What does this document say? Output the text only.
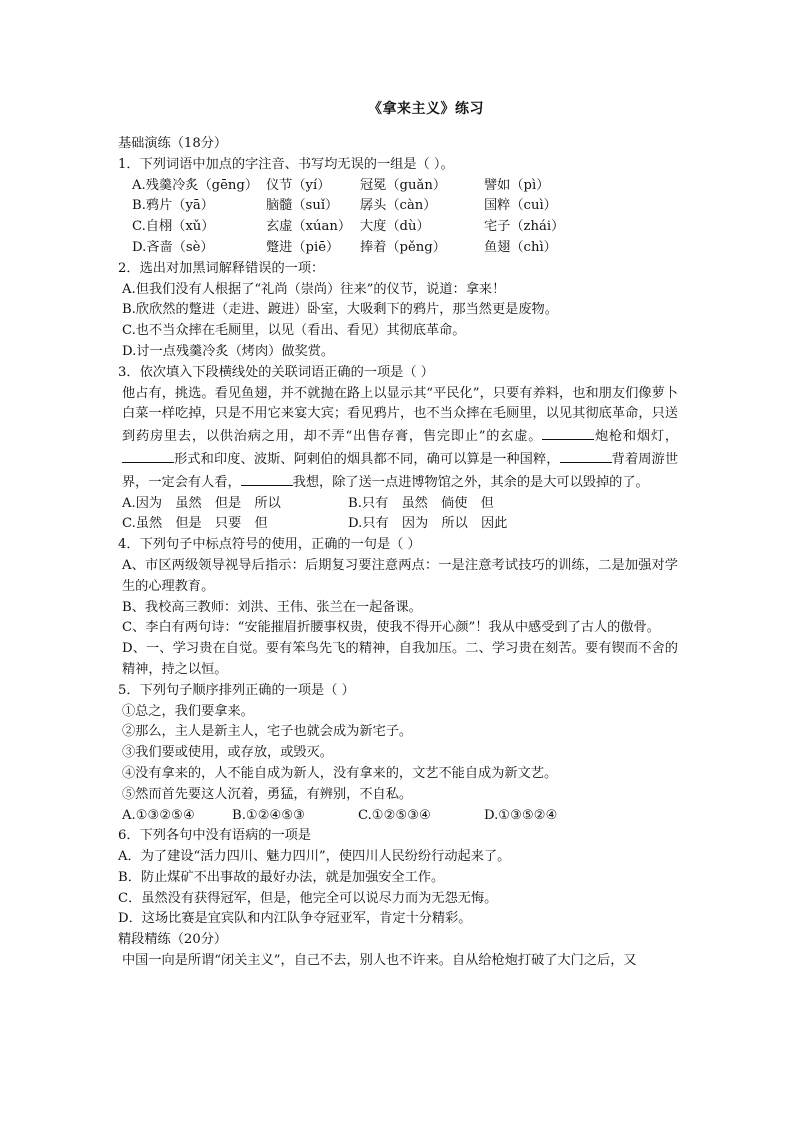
《拿来主义》练习
基础演练（18分）
1．下列词语中加点的字注音、书写均无误的一组是（ ）。
A.残羹冷炙（gēng） 仪节（yí）	冠冕（guǎn）	譬如（pì）
B.鸦片（yā）	脑髓（suǐ）	孱头（càn）	国粹（cuì）
C.自栩（xǔ）	玄虚（xúan） 大度（dù）	宅子（zhái）
D.吝啬（sè）	蹩进（piē）	捧着（pěng）	鱼翅（chì）
2．选出对加黑词解释错误的一项：
A.但我们没有人根据了“礼尚（崇尚）往来”的仪节，说道：拿来！
B.欣欣然的蹩进（走进、踱进）卧室，大吸剩下的鸦片，那当然更是废物。
C.也不当众摔在毛厕里，以见（看出、看见）其彻底革命。
D.讨一点残羹冷炙（烤肉）做奖赏。
3．依次填入下段横线处的关联词语正确的一项是（ ）
他占有，挑选。看见鱼翅，并不就抛在路上以显示其“平民化”，只要有养料，也和朋友们像萝卜白菜一样吃掉，只是不用它来宴大宾；看见鸦片，也不当众摔在毛厕里，以见其彻底革命，只送到药房里去，以供治病之用，却不弄“出售存膏，售完即止”的玄虚。	炮枪和烟灯，形式和印度、波斯、阿剌伯的烟具都不同，确可以算是一种国粹，	背着周游世界，一定会有人看，	我想，除了送一点进博物馆之外，其余的是大可以毁掉的了。
A.因为　虽然　但是　所以	B.只有　虽然　倘使　但
C.虽然　但是　只要　但	D.只有　因为　所以　因此
4．下列句子中标点符号的使用，正确的一句是（ ）
A、市区两级领导视导后指示：后期复习要注意两点：一是注意考试技巧的训练，二是加强对学生的心理教育。
B、我校高三教师：刘洪、王伟、张兰在一起备课。
C、李白有两句诗：“安能摧眉折腰事权贵，使我不得开心颜”！我从中感受到了古人的傲骨。
D、一、学习贵在自觉。要有笨鸟先飞的精神，自我加压。二、学习贵在刻苦。要有锲而不舍的精神，持之以恒。
5．下列句子顺序排列正确的一项是（ ）
①总之，我们要拿来。
②那么，主人是新主人，宅子也就会成为新宅子。
③我们要或使用，或存放，或毁灭。
④没有拿来的，人不能自成为新人，没有拿来的，文艺不能自成为新文艺。
⑤然而首先要这人沉着，勇猛，有辨别，不自私。
A.①③②⑤④	B.①②④⑤③	C.①②⑤③④	D.①③⑤②④
6．下列各句中没有语病的一项是
A．为了建设“活力四川、魅力四川”，使四川人民纷纷行动起来了。
B．防止煤矿不出事故的最好办法，就是加强安全工作。
C．虽然没有获得冠军，但是，他完全可以说尽力而为无怨无悔。
D．这场比赛是宜宾队和内江队争夺冠亚军，肯定十分精彩。
精段精练（20分）
中国一向是所谓“闭关主义”，自己不去，别人也不许来。自从给枪炮打破了大门之后，又
